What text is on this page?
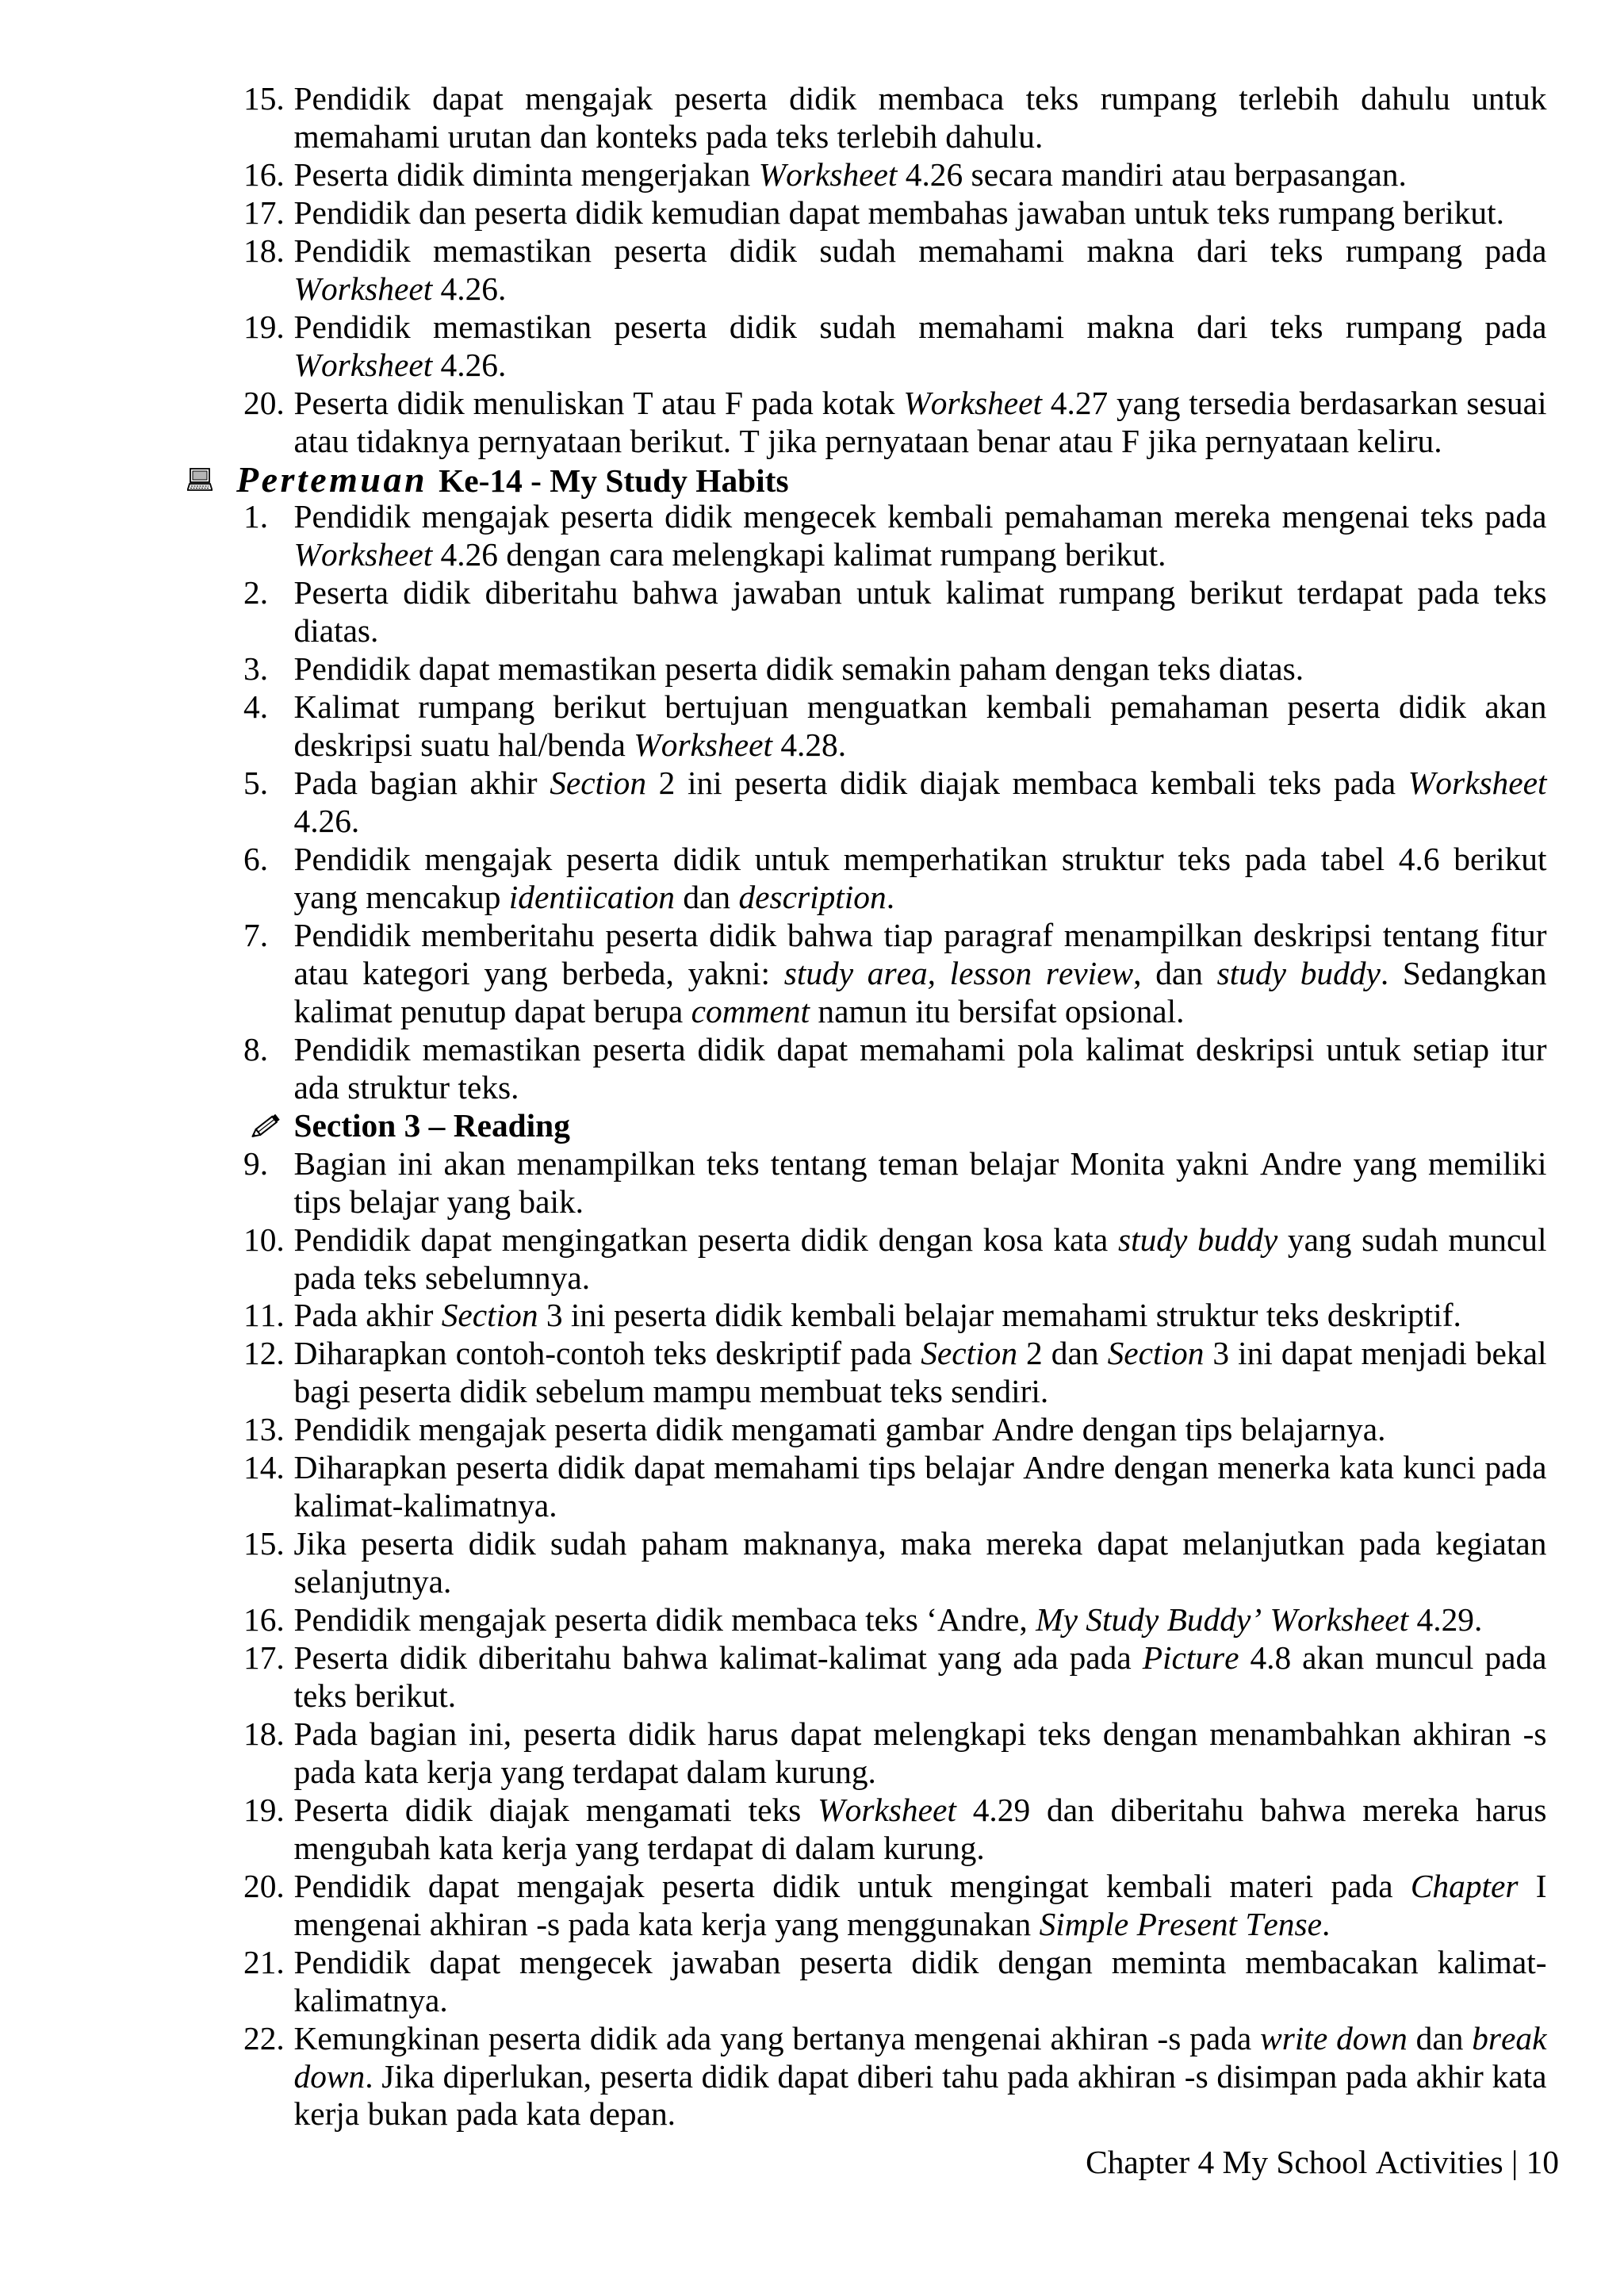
15. Pendidik dapat mengajak peserta didik membaca teks rumpang terlebih dahulu untuk memahami urutan dan konteks pada teks terlebih dahulu.
16. Peserta didik diminta mengerjakan Worksheet 4.26 secara mandiri atau berpasangan.
17. Pendidik dan peserta didik kemudian dapat membahas jawaban untuk teks rumpang berikut.
18. Pendidik memastikan peserta didik sudah memahami makna dari teks rumpang pada Worksheet 4.26.
19. Pendidik memastikan peserta didik sudah memahami makna dari teks rumpang pada Worksheet 4.26.
20. Peserta didik menuliskan T atau F pada kotak Worksheet 4.27 yang tersedia berdasarkan sesuai atau tidaknya pernyataan berikut. T jika pernyataan benar atau F jika pernyataan keliru.
Pertemuan Ke-14 - My Study Habits
1. Pendidik mengajak peserta didik mengecek kembali pemahaman mereka mengenai teks pada Worksheet 4.26 dengan cara melengkapi kalimat rumpang berikut.
2. Peserta didik diberitahu bahwa jawaban untuk kalimat rumpang berikut terdapat pada teks diatas.
3. Pendidik dapat memastikan peserta didik semakin paham dengan teks diatas.
4. Kalimat rumpang berikut bertujuan menguatkan kembali pemahaman peserta didik akan deskripsi suatu hal/benda Worksheet 4.28.
5. Pada bagian akhir Section 2 ini peserta didik diajak membaca kembali teks pada Worksheet 4.26.
6. Pendidik mengajak peserta didik untuk memperhatikan struktur teks pada tabel 4.6 berikut yang mencakup identiication dan description.
7. Pendidik memberitahu peserta didik bahwa tiap paragraf menampilkan deskripsi tentang fitur atau kategori yang berbeda, yakni: study area, lesson review, dan study buddy. Sedangkan kalimat penutup dapat berupa comment namun itu bersifat opsional.
8. Pendidik memastikan peserta didik dapat memahami pola kalimat deskripsi untuk setiap itur ada struktur teks.
Section 3 – Reading
9. Bagian ini akan menampilkan teks tentang teman belajar Monita yakni Andre yang memiliki tips belajar yang baik.
10. Pendidik dapat mengingatkan peserta didik dengan kosa kata study buddy yang sudah muncul pada teks sebelumnya.
11. Pada akhir Section 3 ini peserta didik kembali belajar memahami struktur teks deskriptif.
12. Diharapkan contoh-contoh teks deskriptif pada Section 2 dan Section 3 ini dapat menjadi bekal bagi peserta didik sebelum mampu membuat teks sendiri.
13. Pendidik mengajak peserta didik mengamati gambar Andre dengan tips belajarnya.
14. Diharapkan peserta didik dapat memahami tips belajar Andre dengan menerka kata kunci pada kalimat-kalimatnya.
15. Jika peserta didik sudah paham maknanya, maka mereka dapat melanjutkan pada kegiatan selanjutnya.
16. Pendidik mengajak peserta didik membaca teks ‘Andre, My Study Buddy’ Worksheet 4.29.
17. Peserta didik diberitahu bahwa kalimat-kalimat yang ada pada Picture 4.8 akan muncul pada teks berikut.
18. Pada bagian ini, peserta didik harus dapat melengkapi teks dengan menambahkan akhiran -s pada kata kerja yang terdapat dalam kurung.
19. Peserta didik diajak mengamati teks Worksheet 4.29 dan diberitahu bahwa mereka harus mengubah kata kerja yang terdapat di dalam kurung.
20. Pendidik dapat mengajak peserta didik untuk mengingat kembali materi pada Chapter I mengenai akhiran -s pada kata kerja yang menggunakan Simple Present Tense.
21. Pendidik dapat mengecek jawaban peserta didik dengan meminta membacakan kalimat-kalimatnya.
22. Kemungkinan peserta didik ada yang bertanya mengenai akhiran -s pada write down dan break down. Jika diperlukan, peserta didik dapat diberi tahu pada akhiran -s disimpan pada akhir kata kerja bukan pada kata depan.
Chapter 4 My School Activities | 10
